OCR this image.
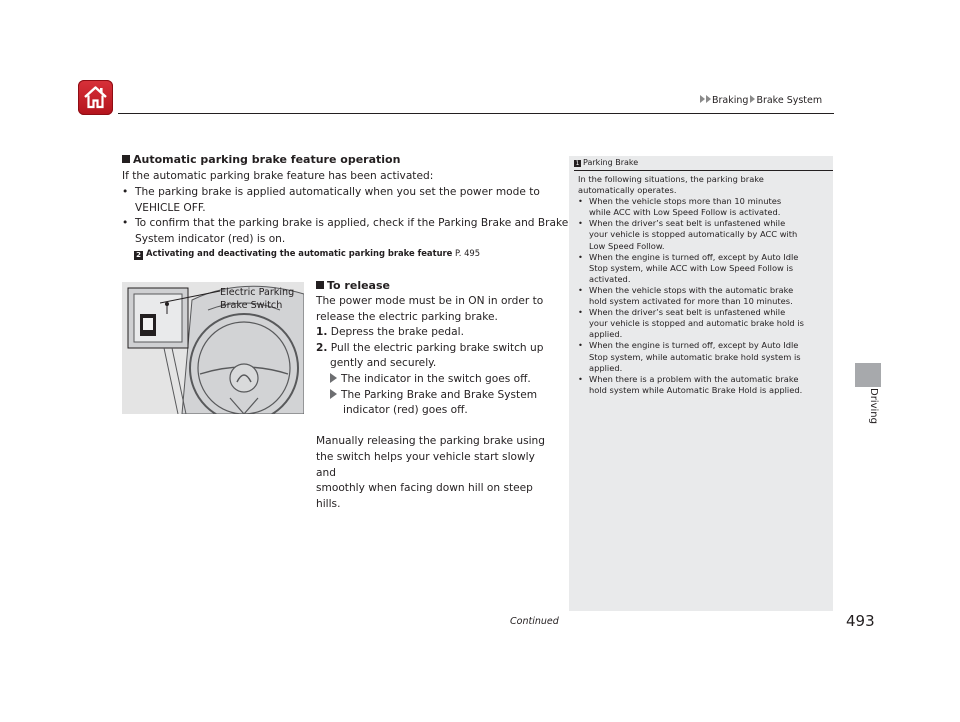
Braking Brake System
Driving
Automatic parking brake feature operation
If the automatic parking brake feature has been activated:
• The parking brake is applied automatically when you set the power mode to
VEHICLE OFF.
• To confirm that the parking brake is applied, check if the Parking Brake and Brake
System indicator (red) is on.
2 Activating and deactivating the automatic parking brake feature P. 495
Electric Parking
Brake Switch
To release
The power mode must be in ON in order to
release the electric parking brake.
1. Depress the brake pedal.
2. Pull the electric parking brake switch up
gently and securely.
The indicator in the switch goes off.
The Parking Brake and Brake System
indicator (red) goes off.
Manually releasing the parking brake using
the switch helps your vehicle start slowly and
smoothly when facing down hill on steep hills.
1 Parking Brake
In the following situations, the parking brake
automatically operates.
• When the vehicle stops more than 10 minutes
while ACC with Low Speed Follow is activated.
• When the driver’s seat belt is unfastened while
your vehicle is stopped automatically by ACC with
Low Speed Follow.
• When the engine is turned off, except by Auto Idle
Stop system, while ACC with Low Speed Follow is
activated.
• When the vehicle stops with the automatic brake
hold system activated for more than 10 minutes.
• When the driver’s seat belt is unfastened while
your vehicle is stopped and automatic brake hold is
applied.
• When the engine is turned off, except by Auto Idle
Stop system, while automatic brake hold system is
applied.
• When there is a problem with the automatic brake
hold system while Automatic Brake Hold is applied.
Continued	493
